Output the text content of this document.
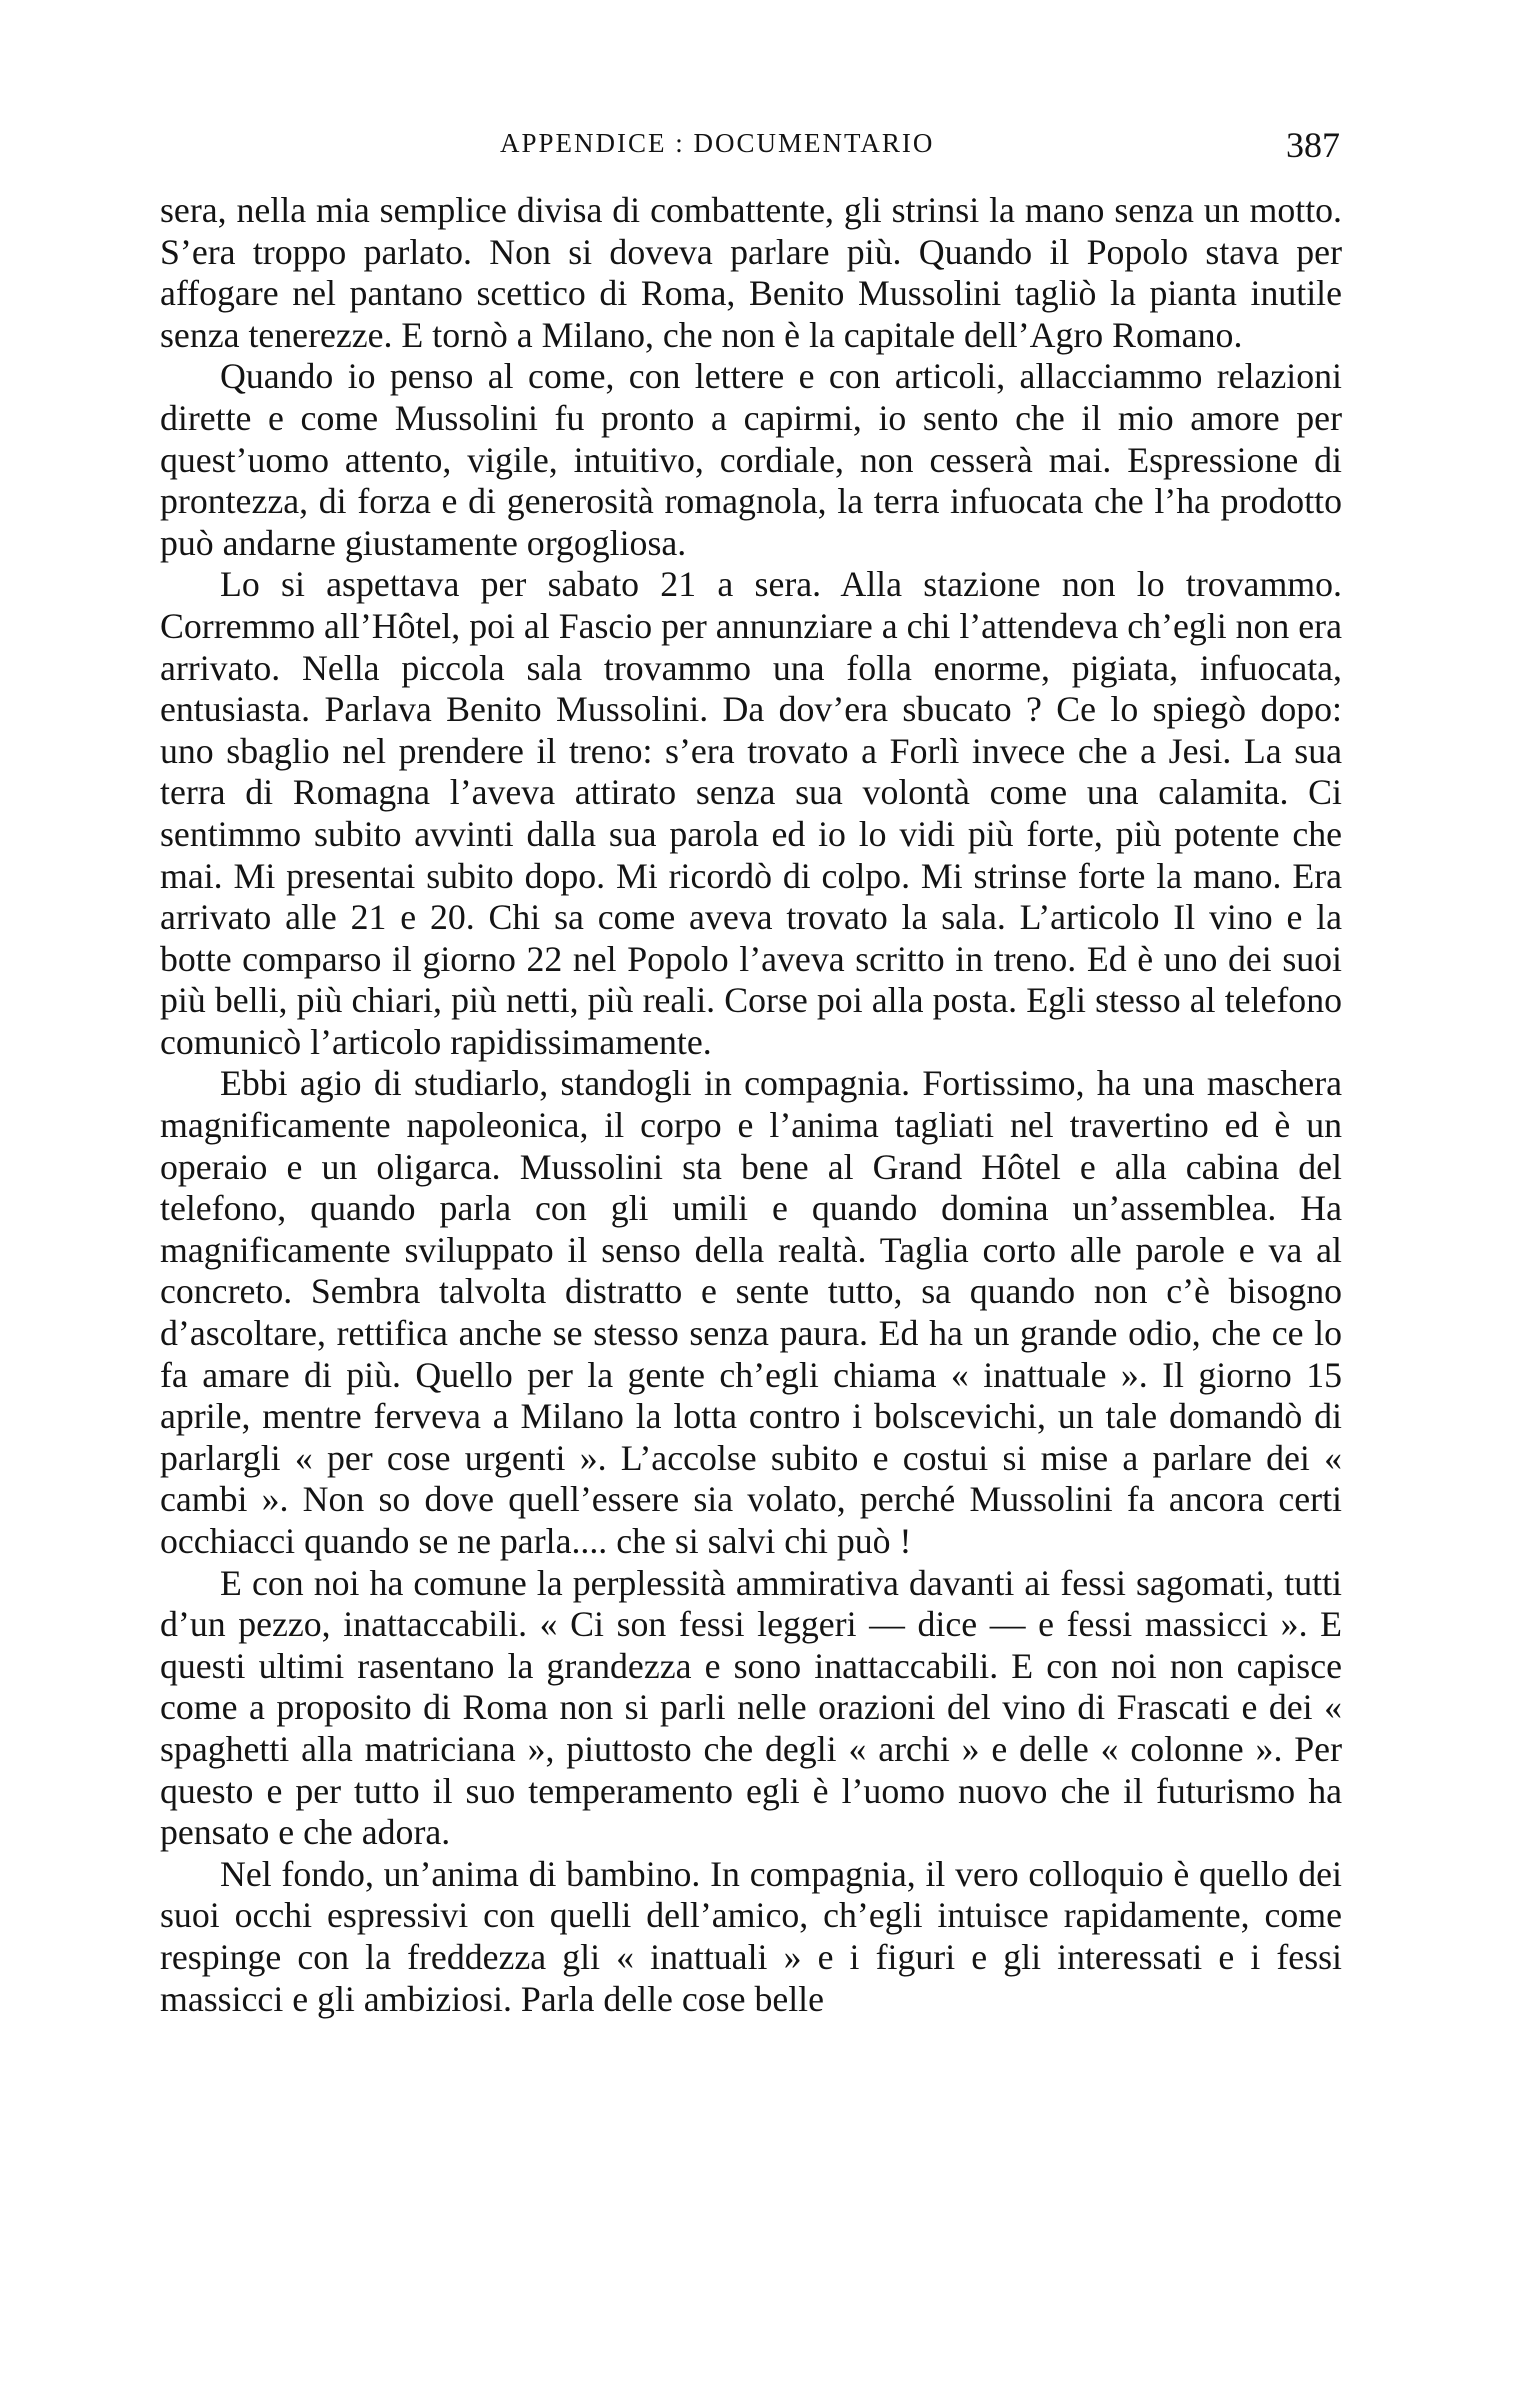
APPENDICE : DOCUMENTARIO	387

sera, nella mia semplice divisa di combattente, gli strinsi la mano senza un motto. S’era troppo parlato. Non si doveva parlare più. Quando il Popolo stava per affogare nel pantano scettico di Roma, Benito Mussolini tagliò la pianta inutile senza tenerezze. E tornò a Milano, che non è la capitale dell’Agro Romano.

Quando io penso al come, con lettere e con articoli, allacciammo relazioni dirette e come Mussolini fu pronto a capirmi, io sento che il mio amore per quest’uomo attento, vigile, intuitivo, cordiale, non cesserà mai. Espressione di prontezza, di forza e di generosità romagnola, la terra infuocata che l’ha prodotto può andarne giustamente orgogliosa.

Lo si aspettava per sabato 21 a sera. Alla stazione non lo trovammo. Corremmo all’Hôtel, poi al Fascio per annunziare a chi l’attendeva ch’egli non era arrivato. Nella piccola sala trovammo una folla enorme, pigiata, infuocata, entusiasta. Parlava Benito Mussolini. Da dov’era sbucato ? Ce lo spiegò dopo: uno sbaglio nel prendere il treno: s’era trovato a Forlì invece che a Jesi. La sua terra di Romagna l’aveva attirato senza sua volontà come una calamita. Ci sentimmo subito avvinti dalla sua parola ed io lo vidi più forte, più potente che mai. Mi presentai subito dopo. Mi ricordò di colpo. Mi strinse forte la mano. Era arrivato alle 21 e 20. Chi sa come aveva trovato la sala. L’articolo Il vino e la botte comparso il giorno 22 nel Popolo l’aveva scritto in treno. Ed è uno dei suoi più belli, più chiari, più netti, più reali. Corse poi alla posta. Egli stesso al telefono comunicò l’articolo rapidissimamente.

Ebbi agio di studiarlo, standogli in compagnia. Fortissimo, ha una maschera magnificamente napoleonica, il corpo e l’anima tagliati nel travertino ed è un operaio e un oligarca. Mussolini sta bene al Grand Hôtel e alla cabina del telefono, quando parla con gli umili e quando domina un’assemblea. Ha magnificamente sviluppato il senso della realtà. Taglia corto alle parole e va al concreto. Sembra talvolta distratto e sente tutto, sa quando non c’è bisogno d’ascoltare, rettifica anche se stesso senza paura. Ed ha un grande odio, che ce lo fa amare di più. Quello per la gente ch’egli chiama « inattuale ». Il giorno 15 aprile, mentre ferveva a Milano la lotta contro i bolscevichi, un tale domandò di parlargli « per cose urgenti ». L’accolse subito e costui si mise a parlare dei « cambi ». Non so dove quell’essere sia volato, perché Mussolini fa ancora certi occhiacci quando se ne parla.... che si salvi chi può !

E con noi ha comune la perplessità ammirativa davanti ai fessi sagomati, tutti d’un pezzo, inattaccabili. « Ci son fessi leggeri — dice — e fessi massicci ». E questi ultimi rasentano la grandezza e sono inattaccabili. E con noi non capisce come a proposito di Roma non si parli nelle orazioni del vino di Frascati e dei « spaghetti alla matriciana », piuttosto che degli « archi » e delle « colonne ». Per questo e per tutto il suo temperamento egli è l’uomo nuovo che il futurismo ha pensato e che adora.

Nel fondo, un’anima di bambino. In compagnia, il vero colloquio è quello dei suoi occhi espressivi con quelli dell’amico, ch’egli intuisce rapidamente, come respinge con la freddezza gli « inattuali » e i figuri e gli interessati e i fessi massicci e gli ambiziosi. Parla delle cose belle
